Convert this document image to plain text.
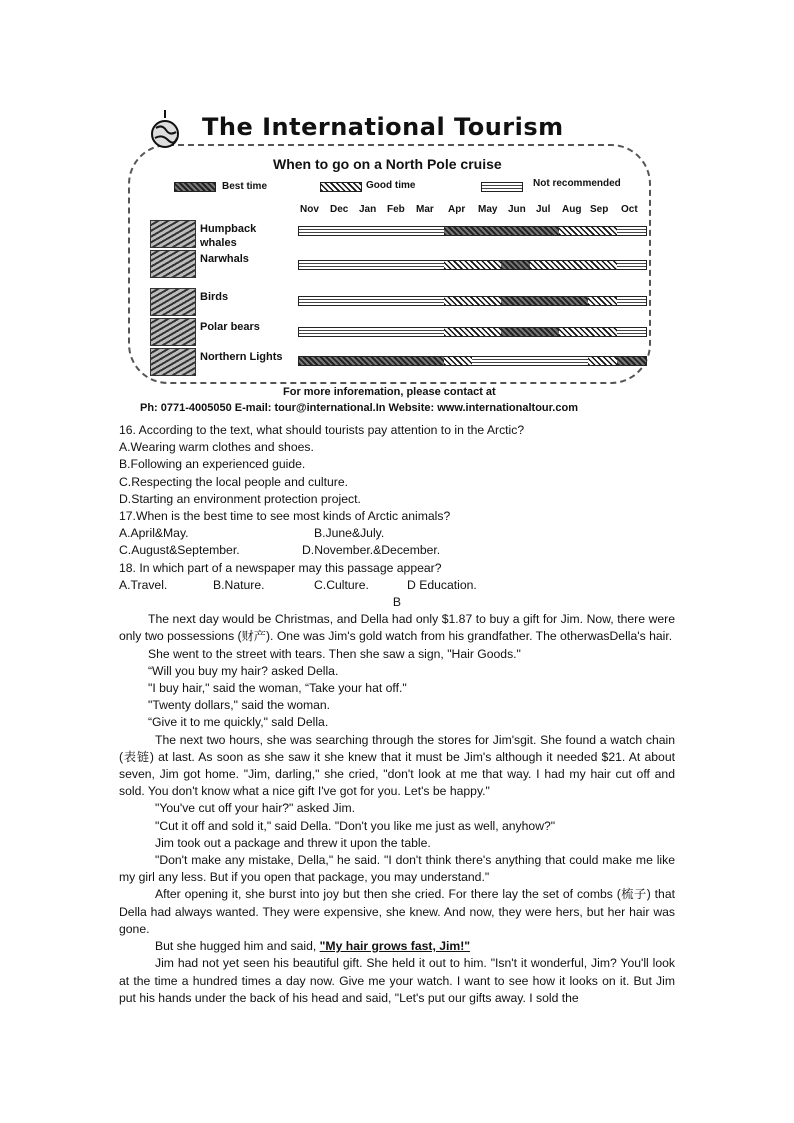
The International Tourism
When to go on a North Pole cruise
Best time	Good time	Not recommended
For more inforemation, please contact at
Ph: 0771-4005050 E-mail: tour@international.In Website: www.internationaltour.com
Nov Dec Jan Feb Mar Apr May Jun Jul Aug Sep Oct
Humpback whales
Narwhals
Birds
Polar bears
Northern Lights
16. According to the text, what should tourists pay attention to in the Arctic?
A.Wearing warm clothes and shoes.
B.Following an experienced guide.
C.Respecting the local people and culture.
D.Starting an environment protection project.
17.When is the best time to see most kinds of Arctic animals?
A.April&May.	B.June&July.
C.August&September.	D.November.&December.
18. In which part of a newspaper may this passage appear?
A.Travel.	B.Nature.	C.Culture.	D Education.
B

The next day would be Christmas, and Della had only $1.87 to buy a gift for Jim. Now, there were only two possessions (财产). One was Jim's gold watch from his grandfather. The otherwasDella's hair.

She went to the street with tears. Then she saw a sign, "Hair Goods."
“Will you buy my hair? asked Della.
"I buy hair," said the woman, “Take your hat off."
"Twenty dollars," said the woman.
“Give it to me quickly," sald Della.

The next two hours, she was searching through the stores for Jim'sgit. She found a watch chain (表链) at last. As soon as she saw it she knew that it must be Jim's although it needed $21. At about seven, Jim got home. "Jim, darling," she cried, "don't look at me that way. I had my hair cut off and sold. You don't know what a nice gift I've got for you. Let's be happy."

"You've cut off your hair?" asked Jim.
"Cut it off and sold it," said Della. "Don't you like me just as well, anyhow?"
Jim took out a package and threw it upon the table.

"Don't make any mistake, Della," he said. "I don't think there's anything that could make me like my girl any less. But if you open that package, you may understand."

After opening it, she burst into joy but then she cried. For there lay the set of combs (梳子) that Della had always wanted. They were expensive, she knew. And now, they were hers, but her hair was gone.

But she hugged him and said, "My hair grows fast, Jim!"

Jim had not yet seen his beautiful gift. She held it out to him. "Isn't it wonderful, Jim? You'll look at the time a hundred times a day now. Give me your watch. I want to see how it looks on it. But Jim put his hands under the back of his head and said, "Let's put our gifts away. I sold the
